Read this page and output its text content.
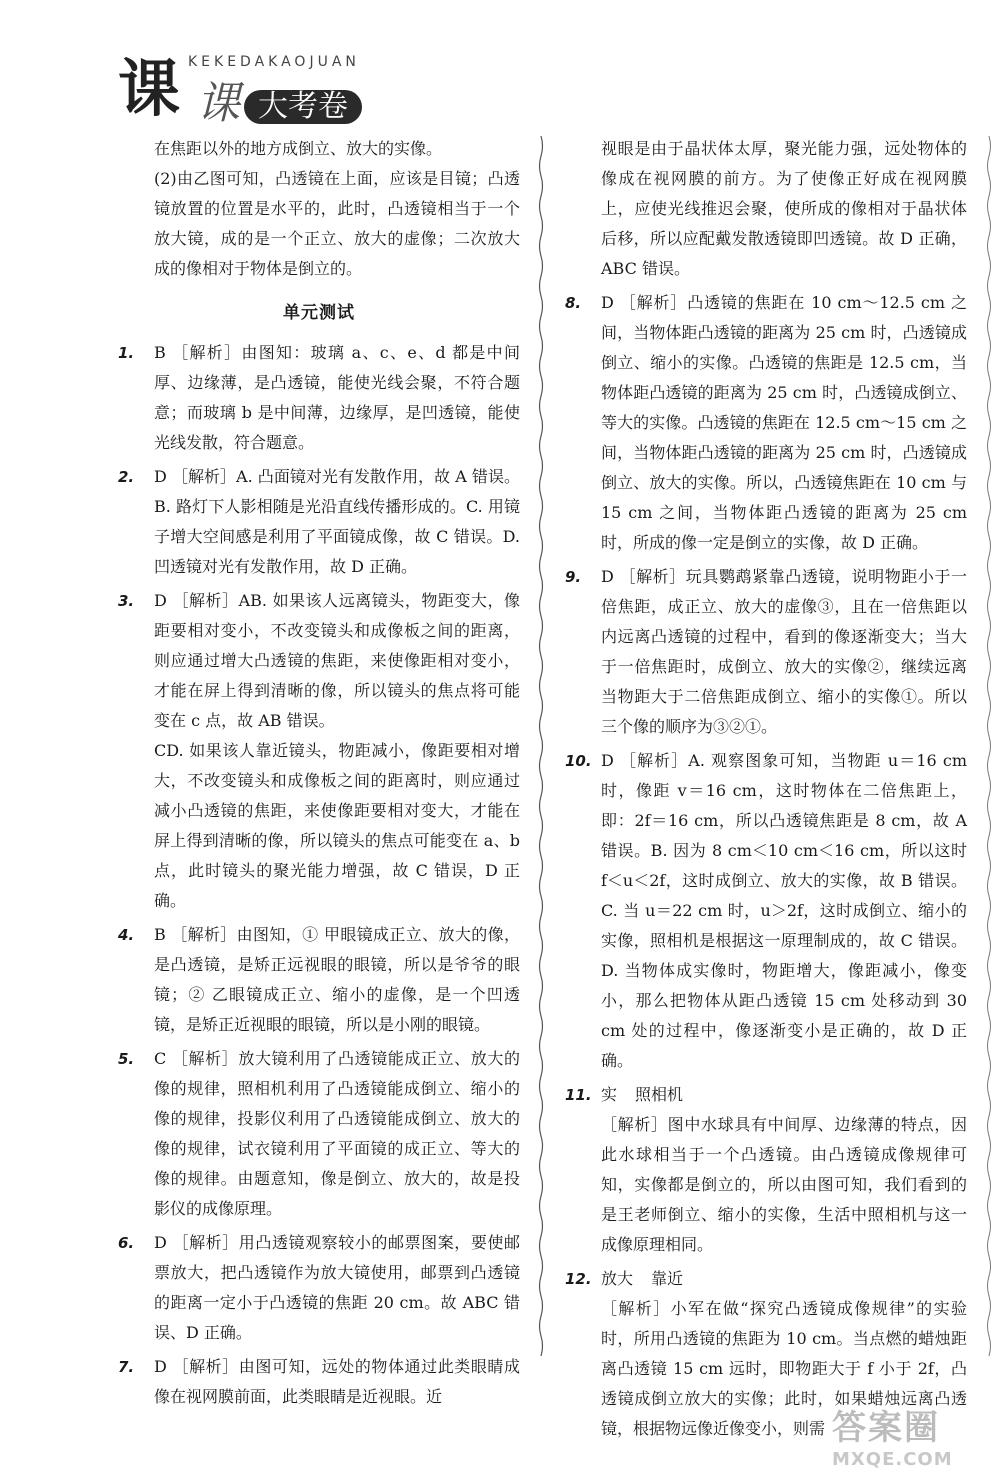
KEKEDAKAOJUAN
课 课 大考卷

在焦距以外的地方成倒立、放大的实像。

(2)由乙图可知，凸透镜在上面，应该是目镜；凸透镜放置的位置是水平的，此时，凸透镜相当于一个放大镜，成的是一个正立、放大的虚像；二次放大成的像相对于物体是倒立的。

单元测试
1. B ［解析］由图知：玻璃 a、c、e、d 都是中间厚、边缘薄，是凸透镜，能使光线会聚，不符合题意；而玻璃 b 是中间薄，边缘厚，是凹透镜，能使光线发散，符合题意。
2. D ［解析］A. 凸面镜对光有发散作用，故 A 错误。B. 路灯下人影相随是光沿直线传播形成的。C. 用镜子增大空间感是利用了平面镜成像，故 C 错误。D. 凹透镜对光有发散作用，故 D 正确。
3. D ［解析］AB. 如果该人远离镜头，物距变大，像距要相对变小，不改变镜头和成像板之间的距离，则应通过增大凸透镜的焦距，来使像距相对变小，才能在屏上得到清晰的像，所以镜头的焦点将可能变在 c 点，故 AB 错误。
CD. 如果该人靠近镜头，物距减小，像距要相对增大，不改变镜头和成像板之间的距离时，则应通过减小凸透镜的焦距，来使像距要相对变大，才能在屏上得到清晰的像，所以镜头的焦点可能变在 a、b 点，此时镜头的聚光能力增强，故 C 错误，D 正确。
4. B ［解析］由图知，① 甲眼镜成正立、放大的像，是凸透镜，是矫正远视眼的眼镜，所以是爷爷的眼镜；② 乙眼镜成正立、缩小的虚像，是一个凹透镜，是矫正近视眼的眼镜，所以是小刚的眼镜。
5. C ［解析］放大镜利用了凸透镜能成正立、放大的像的规律，照相机利用了凸透镜能成倒立、缩小的像的规律，投影仪利用了凸透镜能成倒立、放大的像的规律，试衣镜利用了平面镜的成正立、等大的像的规律。由题意知，像是倒立、放大的，故是投影仪的成像原理。
6. D ［解析］用凸透镜观察较小的邮票图案，要使邮票放大，把凸透镜作为放大镜使用，邮票到凸透镜的距离一定小于凸透镜的焦距 20 cm。故 ABC 错误、D 正确。
7. D ［解析］由图可知，远处的物体通过此类眼睛成像在视网膜前面，此类眼睛是近视眼。近

视眼是由于晶状体太厚，聚光能力强，远处物体的像成在视网膜的前方。为了使像正好成在视网膜上，应使光线推迟会聚，使所成的像相对于晶状体后移，所以应配戴发散透镜即凹透镜。故 D 正确，ABC 错误。

8. D ［解析］凸透镜的焦距在 10 cm～12.5 cm 之间，当物体距凸透镜的距离为 25 cm 时，凸透镜成倒立、缩小的实像。凸透镜的焦距是 12.5 cm，当物体距凸透镜的距离为 25 cm 时，凸透镜成倒立、等大的实像。凸透镜的焦距在 12.5 cm～15 cm 之间，当物体距凸透镜的距离为 25 cm 时，凸透镜成倒立、放大的实像。所以，凸透镜焦距在 10 cm 与 15 cm 之间，当物体距凸透镜的距离为 25 cm 时，所成的像一定是倒立的实像，故 D 正确。
9. D ［解析］玩具鹦鹉紧靠凸透镜，说明物距小于一倍焦距，成正立、放大的虚像③，且在一倍焦距以内远离凸透镜的过程中，看到的像逐渐变大；当大于一倍焦距时，成倒立、放大的实像②，继续远离当物距大于二倍焦距成倒立、缩小的实像①。所以三个像的顺序为③②①。
10. D ［解析］A. 观察图象可知，当物距 u＝16 cm时，像距 v＝16 cm，这时物体在二倍焦距上，即：2f＝16 cm，所以凸透镜焦距是 8 cm，故 A 错误。B. 因为 8 cm＜10 cm＜16 cm，所以这时 f＜u＜2f，这时成倒立、放大的实像，故 B 错误。C. 当 u＝22 cm 时，u＞2f，这时成倒立、缩小的实像，照相机是根据这一原理制成的，故 C 错误。D. 当物体成实像时，物距增大，像距减小，像变小，那么把物体从距凸透镜 15 cm 处移动到 30 cm 处的过程中，像逐渐变小是正确的，故 D 正确。
11. 实 照相机

［解析］图中水球具有中间厚、边缘薄的特点，因此水球相当于一个凸透镜。由凸透镜成像规律可知，实像都是倒立的，所以由图可知，我们看到的是王老师倒立、缩小的实像，生活中照相机与这一成像原理相同。

12. 放大 靠近

［解析］小军在做“探究凸透镜成像规律”的实验时，所用凸透镜的焦距为 10 cm。当点燃的蜡烛距离凸透镜 15 cm 远时，即物距大于 f 小于 2f，凸透镜成倒立放大的实像；此时，如果蜡烛远离凸透镜，根据物远像近像变小，则需 答案圈
MXQE.COM
